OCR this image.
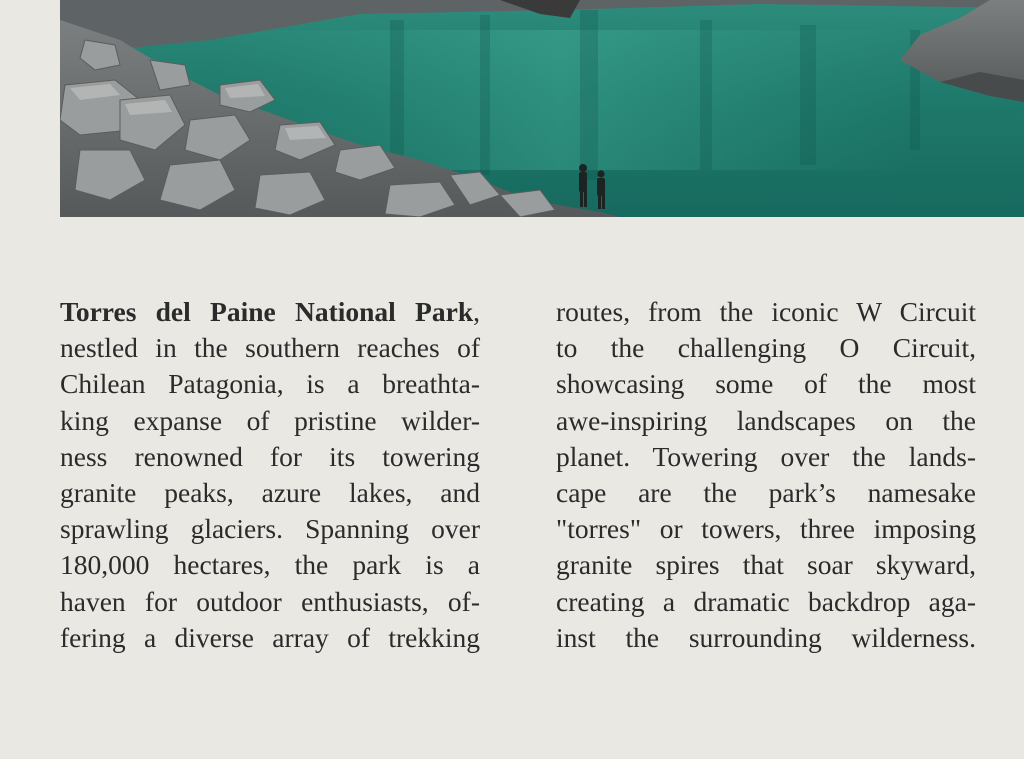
Torres del Paine National Park,
nestled in the southern reaches of
Chilean Patagonia, is a breathta-
king expanse of pristine wilder-
ness renowned for its towering
granite peaks, azure lakes, and
sprawling glaciers. Spanning over
180,000 hectares, the park is a
haven for outdoor enthusiasts, of-
fering a diverse array of trekking
routes, from the iconic W Circuit
to the challenging O Circuit,
showcasing some of the most
awe-inspiring landscapes on the
planet. Towering over the lands-
cape are the park’s namesake
"torres" or towers, three imposing
granite spires that soar skyward,
creating a dramatic backdrop aga-
inst the surrounding wilderness.
